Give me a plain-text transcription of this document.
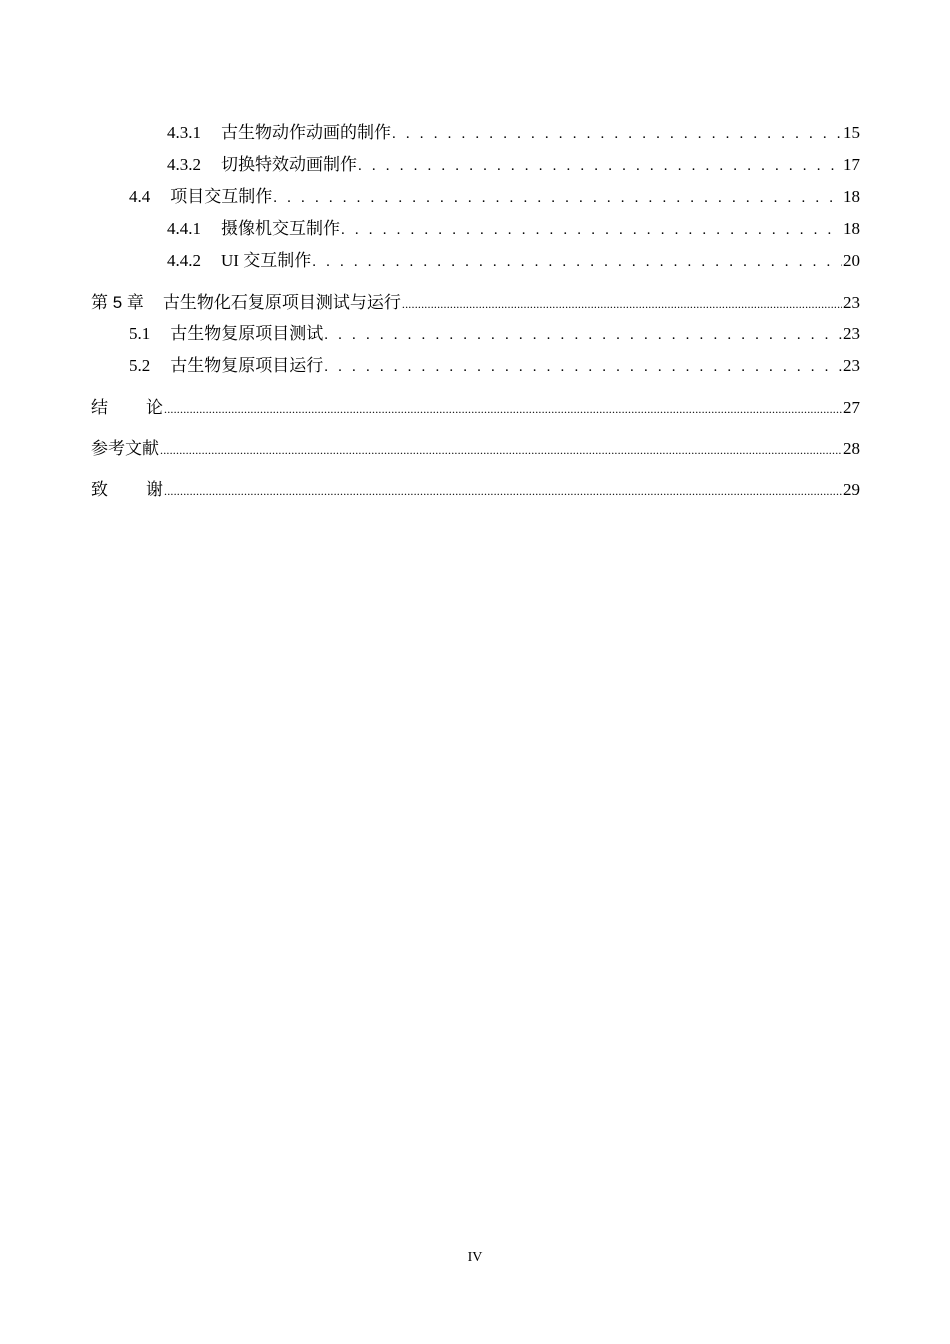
4.3.1 古生物动作动画的制作 . . .	15
4.3.2 切换特效动画制作 . . .	17
4.4 项目交互制作 . . .	18
4.4.1 摄像机交互制作 . . .	18
4.4.2 UI 交互制作 . . .	20
第 5 章 古生物化石复原项目测试与运行 .....	23
5.1 古生物复原项目测试 . . .	23
5.2 古生物复原项目运行 . . .	23
结 论 .....	27
参考文献 .....	28
致 谢 .....	29
IV
